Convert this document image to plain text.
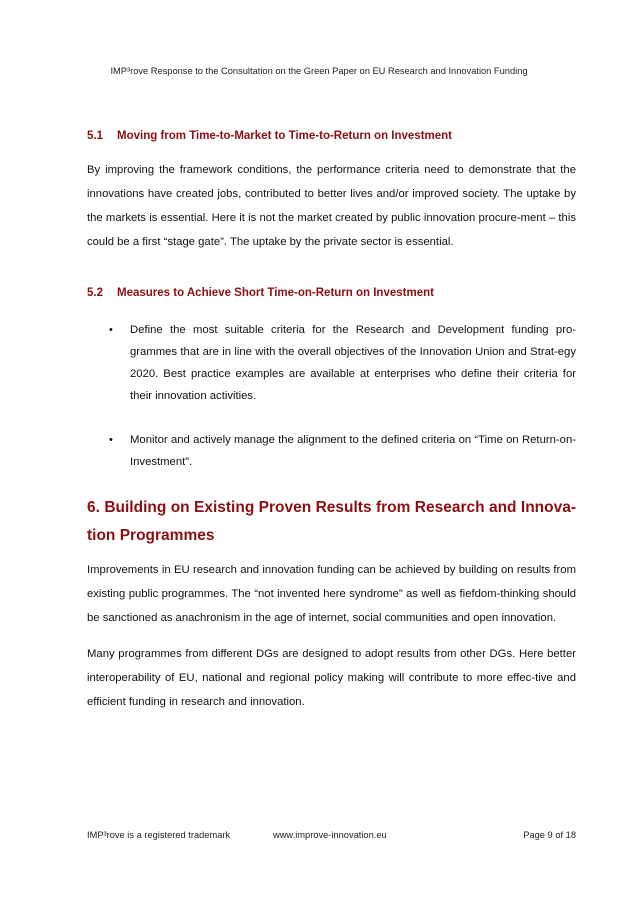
IMP³rove Response to the Consultation on the Green Paper on EU Research and Innovation Funding
5.1 Moving from Time-to-Market to Time-to-Return on Investment

By improving the framework conditions, the performance criteria need to demonstrate that the innovations have created jobs, contributed to better lives and/or improved society. The uptake by the markets is essential. Here it is not the market created by public innovation procure-ment – this could be a first “stage gate”. The uptake by the private sector is essential.

5.2 Measures to Achieve Short Time-on-Return on Investment
• Define the most suitable criteria for the Research and Development funding pro-grammes that are in line with the overall objectives of the Innovation Union and Strat-egy 2020. Best practice examples are available at enterprises who define their criteria for their innovation activities.
• Monitor and actively manage the alignment to the defined criteria on “Time on Return-on-Investment”.
6. Building on Existing Proven Results from Research and Innova-tion Programmes

Improvements in EU research and innovation funding can be achieved by building on results from existing public programmes. The “not invented here syndrome” as well as fiefdom-thinking should be sanctioned as anachronism in the age of internet, social communities and open innovation.

Many programmes from different DGs are designed to adopt results from other DGs. Here better interoperability of EU, national and regional policy making will contribute to more effec-tive and efficient funding in research and innovation.

IMP³rove is a registered trademark	www.improve-innovation.eu	Page 9 of 18
